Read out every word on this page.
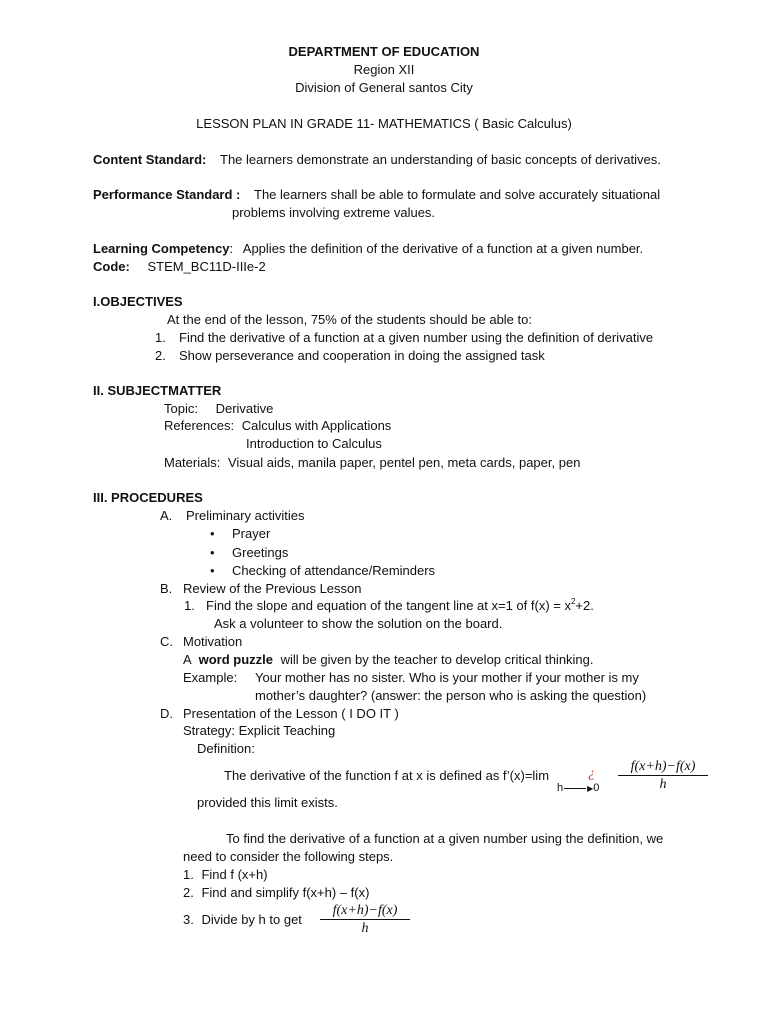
DEPARTMENT OF EDUCATION
Region XII
Division of General santos City
LESSON PLAN IN GRADE 11- MATHEMATICS ( Basic Calculus)
Content Standard: The learners demonstrate an understanding of basic concepts of derivatives.
Performance Standard : The learners shall be able to formulate and solve accurately situational
problems involving extreme values.
Learning Competency: Applies the definition of the derivative of a function at a given number.
Code: STEM_BC11D-IIIe-2
I.OBJECTIVES
At the end of the lesson, 75% of the students should be able to:
1. Find the derivative of a function at a given number using the definition of derivative
2. Show perseverance and cooperation in doing the assigned task
II. SUBJECTMATTER
Topic: Derivative
References: Calculus with Applications
Introduction to Calculus
Materials: Visual aids, manila paper, pentel pen, meta cards, paper, pen
III. PROCEDURES
A. Preliminary activities
• Prayer
• Greetings
• Checking of attendance/Reminders
B. Review of the Previous Lesson
1. Find the slope and equation of the tangent line at x=1 of $f(x) = x^2+2$.
Ask a volunteer to show the solution on the board.
C. Motivation
A word puzzle will be given by the teacher to develop critical thinking.
Example: Your mother has no sister. Who is your mother if your mother is my
mother’s daughter? (answer: the person who is asking the question)
D. Presentation of the Lesson ( I DO IT )
Strategy: Explicit Teaching
Definition:
The derivative of the function f at x is defined as f’(x)=lim	¿
h	▶0
f(x+h)−f(x)
h
provided this limit exists.
To find the derivative of a function at a given number using the definition, we
need to consider the following steps.
1. Find f (x+h)
2. Find and simplify f(x+h) – f(x)
3. Divide by h to get
f(x+h)−f(x)
h
